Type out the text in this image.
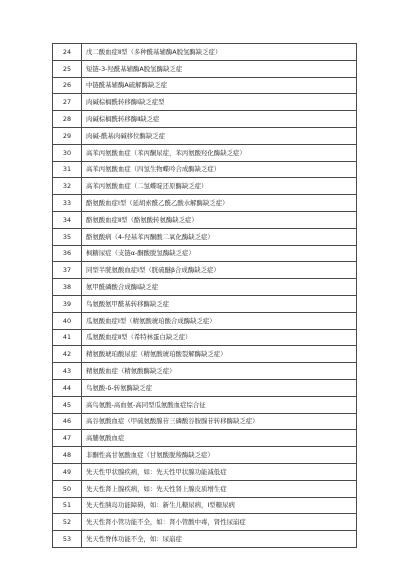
24	戊二酸血症Ⅱ型（多种酰基辅酶A脱氢酶缺乏症）
25	短链-3-羟酰基辅酶A脱氢酶缺乏症
26	中链酰基辅酶A硫解酶缺乏症
27	肉碱棕榈酰转移酶Ⅰ缺乏症型
28	肉碱棕榈酰转移酶Ⅱ缺乏症
29	肉碱-酰基肉碱移位酶缺乏症
30	高苯丙氨酸血症（苯丙酮尿症，苯丙氨酸羟化酶缺乏症）
31	高苯丙氨酸血症（四氢生物蝶呤合成酶缺乏症）
32	高苯丙氨酸血症（二氢蝶啶还原酶缺乏症）
33	酪氨酸血症Ⅰ型（延胡索酰乙酰乙酸水解酶缺乏症）
34	酪氨酸血症Ⅱ型（酪氨酸转氨酶缺乏症）
35	酪氨酸病（4-羟基苯丙酮酸二氧化酶缺乏症）
36	枫糖尿症（支链α-酮酸脱氢酶缺乏症）
37	同型半胱氨酸血症Ⅰ型（胱硫醚β合成酶缺乏症）
38	氨甲酰磷酸合成酶Ⅰ缺乏症
39	鸟氨酸氨甲酰基转移酶缺乏症
40	瓜氨酸血症Ⅰ型（精氨酸琥珀酸合成酶缺乏症）
41	瓜氨酸血症Ⅱ型（希特林蛋白缺乏症）
42	精氨酸琥珀酸尿症（精氨酸琥珀酸裂解酶缺乏症）
43	精氨酸血症（精氨酸酶缺乏症）
44	鸟氨酸-δ-转氨酶缺乏症
45	高鸟氨酸-高血氨-高同型瓜氨酸血症综合征
46	高谷氨酸血症（甲硫氨酸腺苷三磷酸谷胺腺苷转移酶缺乏症）
47	高脯氨酸血症
48	非酮性高甘氨酸血症（甘氨酸脱羧酶缺乏症）
49	先天性甲状腺疾病，如：先天性甲状腺功能减低症
50	先天性肾上腺疾病，如：先天性肾上腺皮质增生症
51	先天性胰岛功能障碍，如：新生儿糖尿病，Ⅰ型糖尿病
52	先天性肾小管功能不全，如：肾小管酸中毒，肾性尿崩症
53	先天性脊体功能不全，如：尿崩症
